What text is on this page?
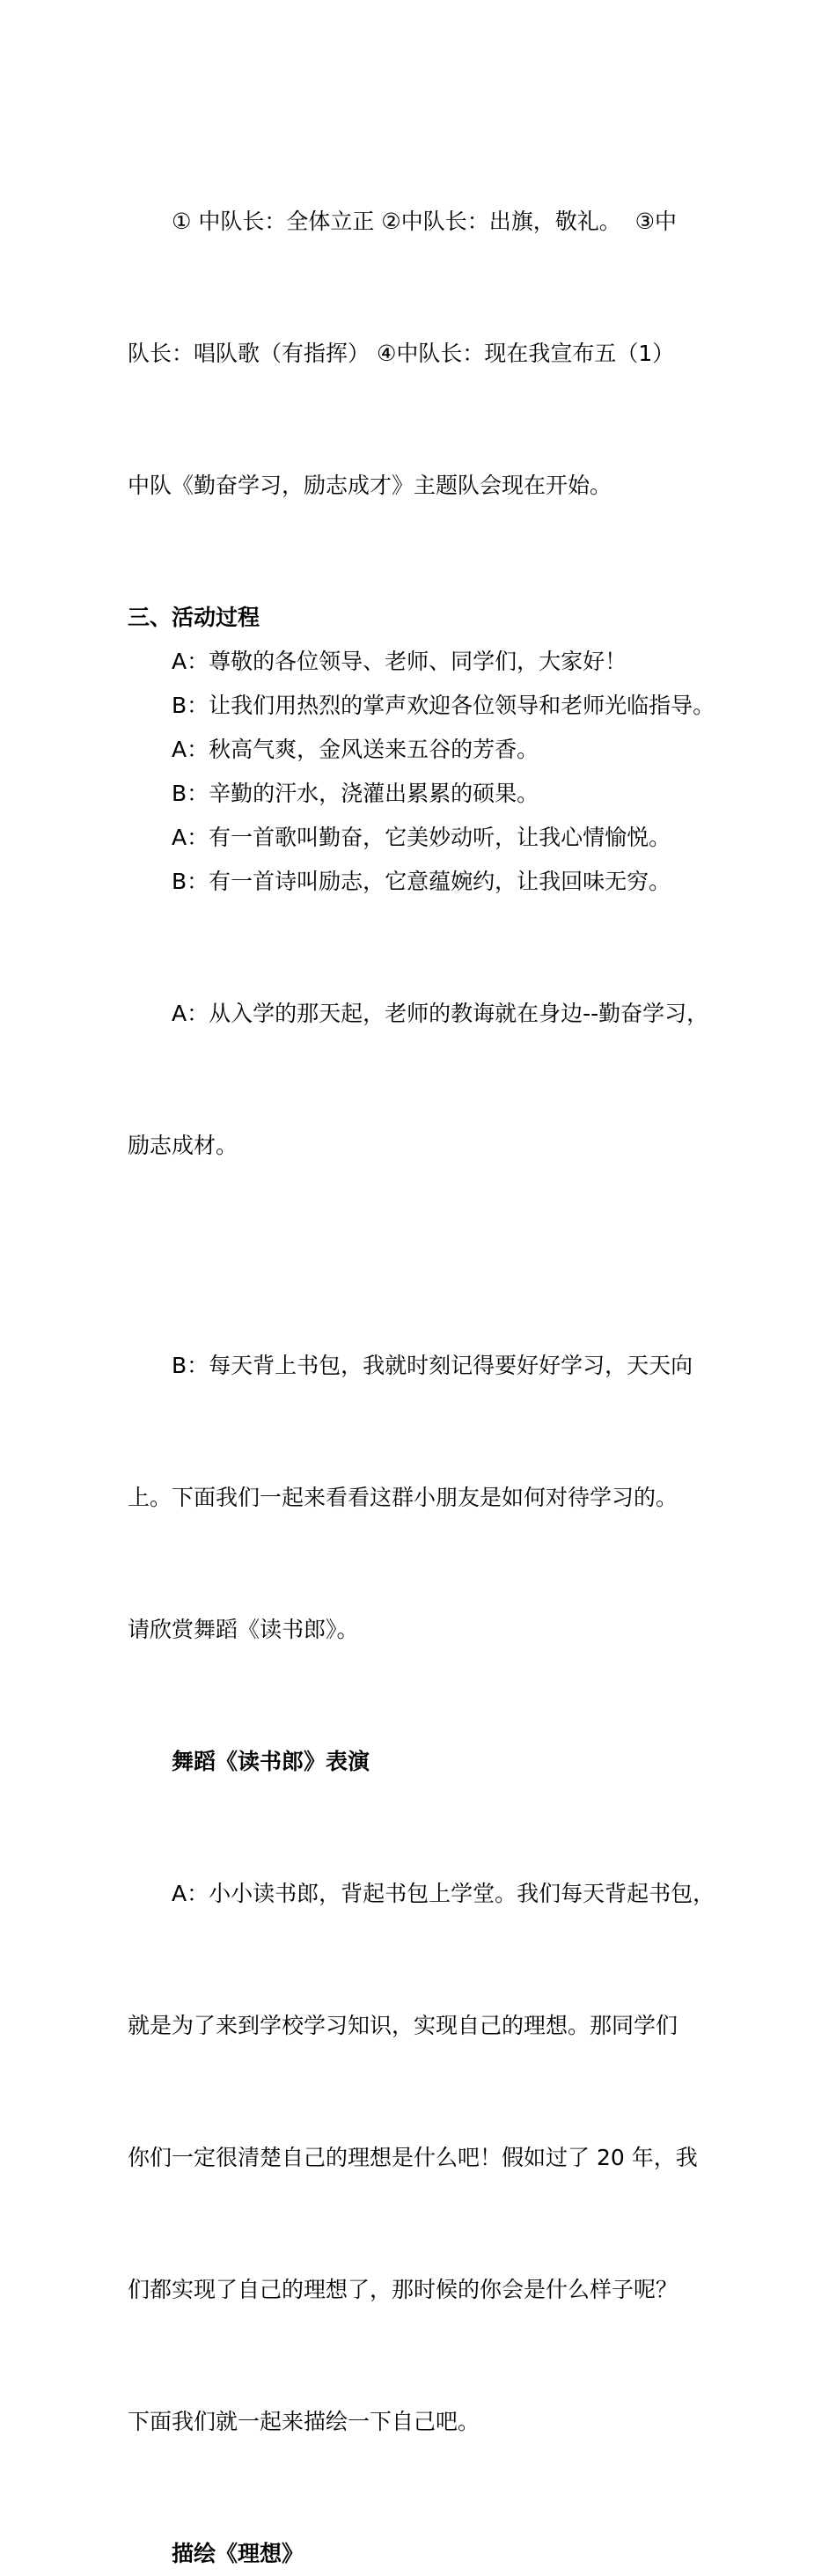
① 中队长：全体立正 ②中队长：出旗，敬礼。  ③中

队长：唱队歌（有指挥） ④中队长：现在我宣布五（1）

中队《勤奋学习，励志成才》主题队会现在开始。

三、活动过程
A：尊敬的各位领导、老师、同学们，大家好！
B：让我们用热烈的掌声欢迎各位领导和老师光临指导。
A：秋高气爽，金风送来五谷的芳香。
B：辛勤的汗水，浇灌出累累的硕果。
A：有一首歌叫勤奋，它美妙动听，让我心情愉悦。
B：有一首诗叫励志，它意蕴婉约，让我回味无穷。

A：从入学的那天起，老师的教诲就在身边--勤奋学习，

励志成材。

B：每天背上书包，我就时刻记得要好好学习，天天向

上。下面我们一起来看看这群小朋友是如何对待学习的。

请欣赏舞蹈《读书郎》。

舞蹈《读书郎》表演

A：小小读书郎，背起书包上学堂。我们每天背起书包，

就是为了来到学校学习知识，实现自己的理想。那同学们

你们一定很清楚自己的理想是什么吧！假如过了 20 年，我

们都实现了自己的理想了，那时候的你会是什么样子呢？

下面我们就一起来描绘一下自己吧。

描绘《理想》
